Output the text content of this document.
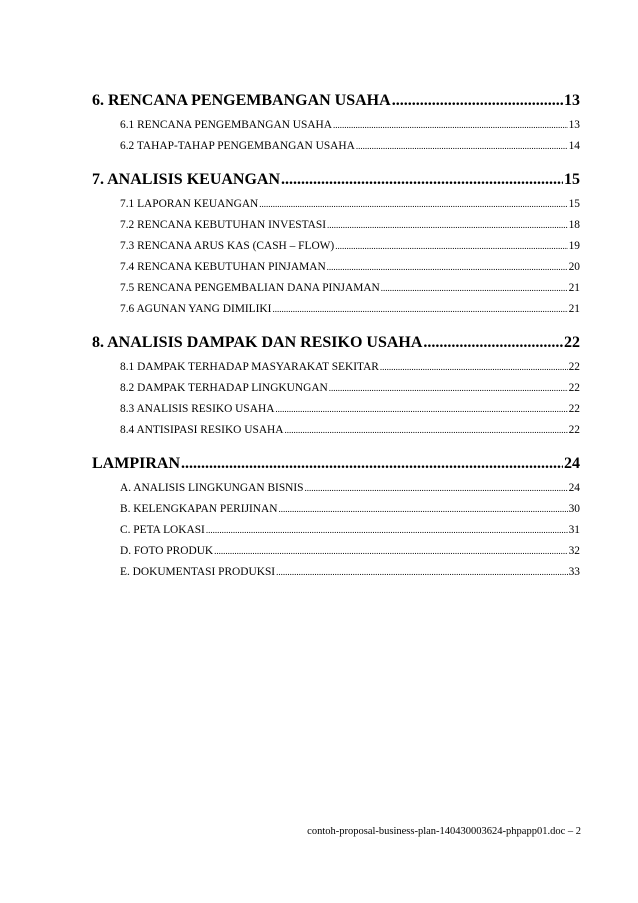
6. RENCANA PENGEMBANGAN USAHA .....	13
6.1 RENCANA PENGEMBANGAN USAHA .....	13
6.2 TAHAP-TAHAP PENGEMBANGAN USAHA .....	14
7. ANALISIS KEUANGAN .....	15
7.1 LAPORAN KEUANGAN .....	15
7.2 RENCANA KEBUTUHAN INVESTASI .....	18
7.3 RENCANA ARUS KAS (CASH – FLOW) .....	19
7.4 RENCANA KEBUTUHAN PINJAMAN .....	20
7.5 RENCANA PENGEMBALIAN DANA PINJAMAN .....	21
7.6 AGUNAN YANG DIMILIKI .....	21
8. ANALISIS DAMPAK DAN RESIKO USAHA .....	22
8.1 DAMPAK TERHADAP MASYARAKAT SEKITAR .....	22
8.2 DAMPAK TERHADAP LINGKUNGAN .....	22
8.3 ANALISIS RESIKO USAHA .....	22
8.4 ANTISIPASI RESIKO USAHA .....	22
LAMPIRAN .....	24
A. ANALISIS LINGKUNGAN BISNIS .....	24
B. KELENGKAPAN PERIJINAN .....	30
C. PETA LOKASI .....	31
D. FOTO PRODUK .....	32
E. DOKUMENTASI PRODUKSI .....	33
contoh-proposal-business-plan-140430003624-phpapp01.doc – 2
